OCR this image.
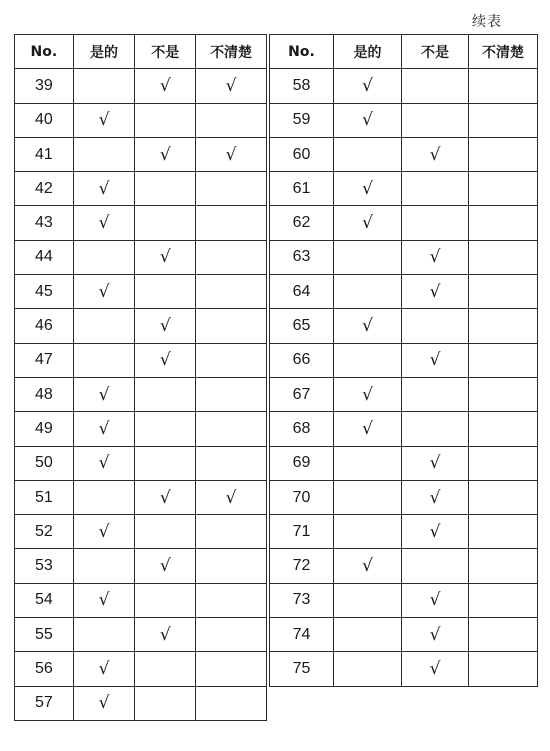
续表
No.	是的	不是	不清楚
39		√	√
40	√		
41		√	√
42	√		
43	√		
44		√	
45	√		
46		√	
47		√	
48	√		
49	√		
50	√		
51		√	√
52	√		
53		√	
54	√		
55		√	
56	√		
57	√		
No.	是的	不是	不清楚
58	√		
59	√		
60		√	
61	√		
62	√		
63		√	
64		√	
65	√		
66		√	
67	√		
68	√		
69		√	
70		√	
71		√	
72	√		
73		√	
74		√	
75		√	
